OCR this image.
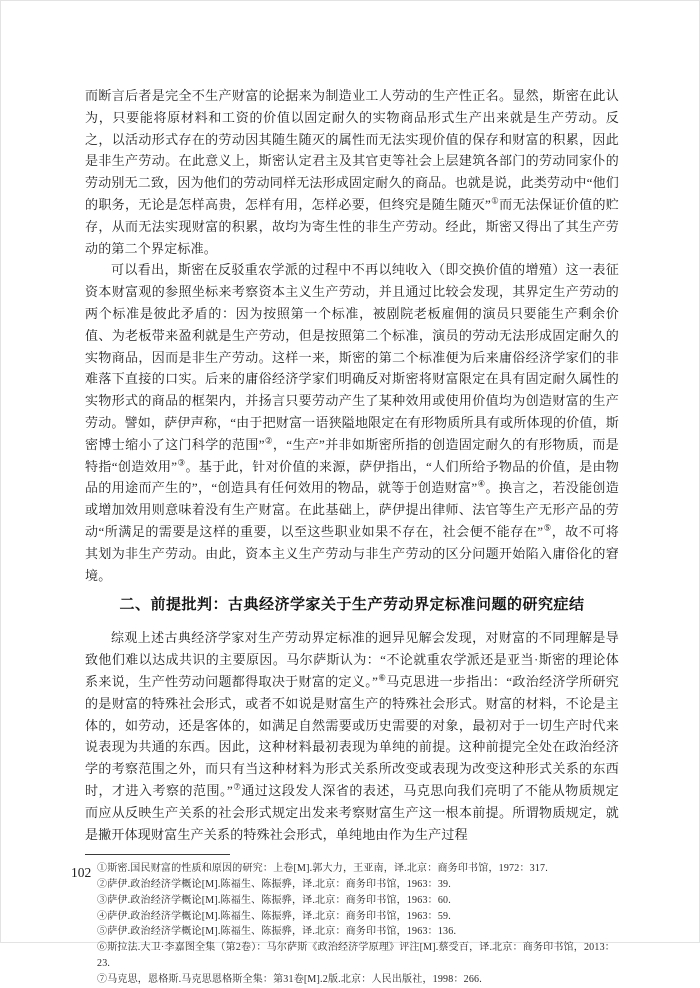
而断言后者是完全不生产财富的论据来为制造业工人劳动的生产性正名。显然，斯密在此认为，只要能将原材料和工资的价值以固定耐久的实物商品形式生产出来就是生产劳动。反之，以活动形式存在的劳动因其随生随灭的属性而无法实现价值的保存和财富的积累，因此是非生产劳动。在此意义上，斯密认定君主及其官吏等社会上层建筑各部门的劳动同家仆的劳动别无二致，因为他们的劳动同样无法形成固定耐久的商品。也就是说，此类劳动中“他们的职务，无论是怎样高贵，怎样有用，怎样必要，但终究是随生随灭”①而无法保证价值的贮存，从而无法实现财富的积累，故均为寄生性的非生产劳动。经此，斯密又得出了其生产劳动的第二个界定标准。

可以看出，斯密在反驳重农学派的过程中不再以纯收入（即交换价值的增殖）这一表征资本财富观的参照坐标来考察资本主义生产劳动，并且通过比较会发现，其界定生产劳动的两个标准是彼此矛盾的：因为按照第一个标准，被剧院老板雇佣的演员只要能生产剩余价值、为老板带来盈利就是生产劳动，但是按照第二个标准，演员的劳动无法形成固定耐久的实物商品，因而是非生产劳动。这样一来，斯密的第二个标准便为后来庸俗经济学家们的非难落下直接的口实。后来的庸俗经济学家们明确反对斯密将财富限定在具有固定耐久属性的实物形式的商品的框架内，并扬言只要劳动产生了某种效用或使用价值均为创造财富的生产劳动。譬如，萨伊声称，“由于把财富一语狭隘地限定在有形物质所具有或所体现的价值，斯密博士缩小了这门科学的范围”②，“生产”并非如斯密所指的创造固定耐久的有形物质，而是特指“创造效用”③。基于此，针对价值的来源，萨伊指出，“人们所给予物品的价值，是由物品的用途而产生的”，“创造具有任何效用的物品，就等于创造财富”④。换言之，若没能创造或增加效用则意味着没有生产财富。在此基础上，萨伊提出律师、法官等生产无形产品的劳动“所满足的需要是这样的重要，以至这些职业如果不存在，社会便不能存在”⑤，故不可将其划为非生产劳动。由此，资本主义生产劳动与非生产劳动的区分问题开始陷入庸俗化的窘境。

二、前提批判：古典经济学家关于生产劳动界定标准问题的研究症结

综观上述古典经济学家对生产劳动界定标准的迥异见解会发现，对财富的不同理解是导致他们难以达成共识的主要原因。马尔萨斯认为：“不论就重农学派还是亚当·斯密的理论体系来说，生产性劳动问题都得取决于财富的定义。”⑥马克思进一步指出：“政治经济学所研究的是财富的特殊社会形式，或者不如说是财富生产的特殊社会形式。财富的材料，不论是主体的，如劳动，还是客体的，如满足自然需要或历史需要的对象，最初对于一切生产时代来说表现为共通的东西。因此，这种材料最初表现为单纯的前提。这种前提完全处在政治经济学的考察范围之外，而只有当这种材料为形式关系所改变或表现为改变这种形式关系的东西时，才进入考察的范围。”⑦通过这段发人深省的表述，马克思向我们亮明了不能从物质规定而应从反映生产关系的社会形式规定出发来考察财富生产这一根本前提。所谓物质规定，就是撇开体现财富生产关系的特殊社会形式，单纯地由作为生产过程

①斯密.国民财富的性质和原因的研究：上卷[M].郭大力，王亚南，译.北京：商务印书馆，1972：317.
②萨伊.政治经济学概论[M].陈福生、陈振骅，译.北京：商务印书馆，1963：39.
③萨伊.政治经济学概论[M].陈福生、陈振骅，译.北京：商务印书馆，1963：60.
④萨伊.政治经济学概论[M].陈福生、陈振骅，译.北京：商务印书馆，1963：59.
⑤萨伊.政治经济学概论[M].陈福生、陈振骅，译.北京：商务印书馆，1963：136.
⑥斯拉法.大卫·李嘉图全集（第2卷）：马尔萨斯《政治经济学原理》评注[M].蔡受百，译.北京：商务印书馆，2013：23.
⑦马克思，恩格斯.马克思恩格斯全集：第31卷[M].2版.北京：人民出版社，1998：266.
102
